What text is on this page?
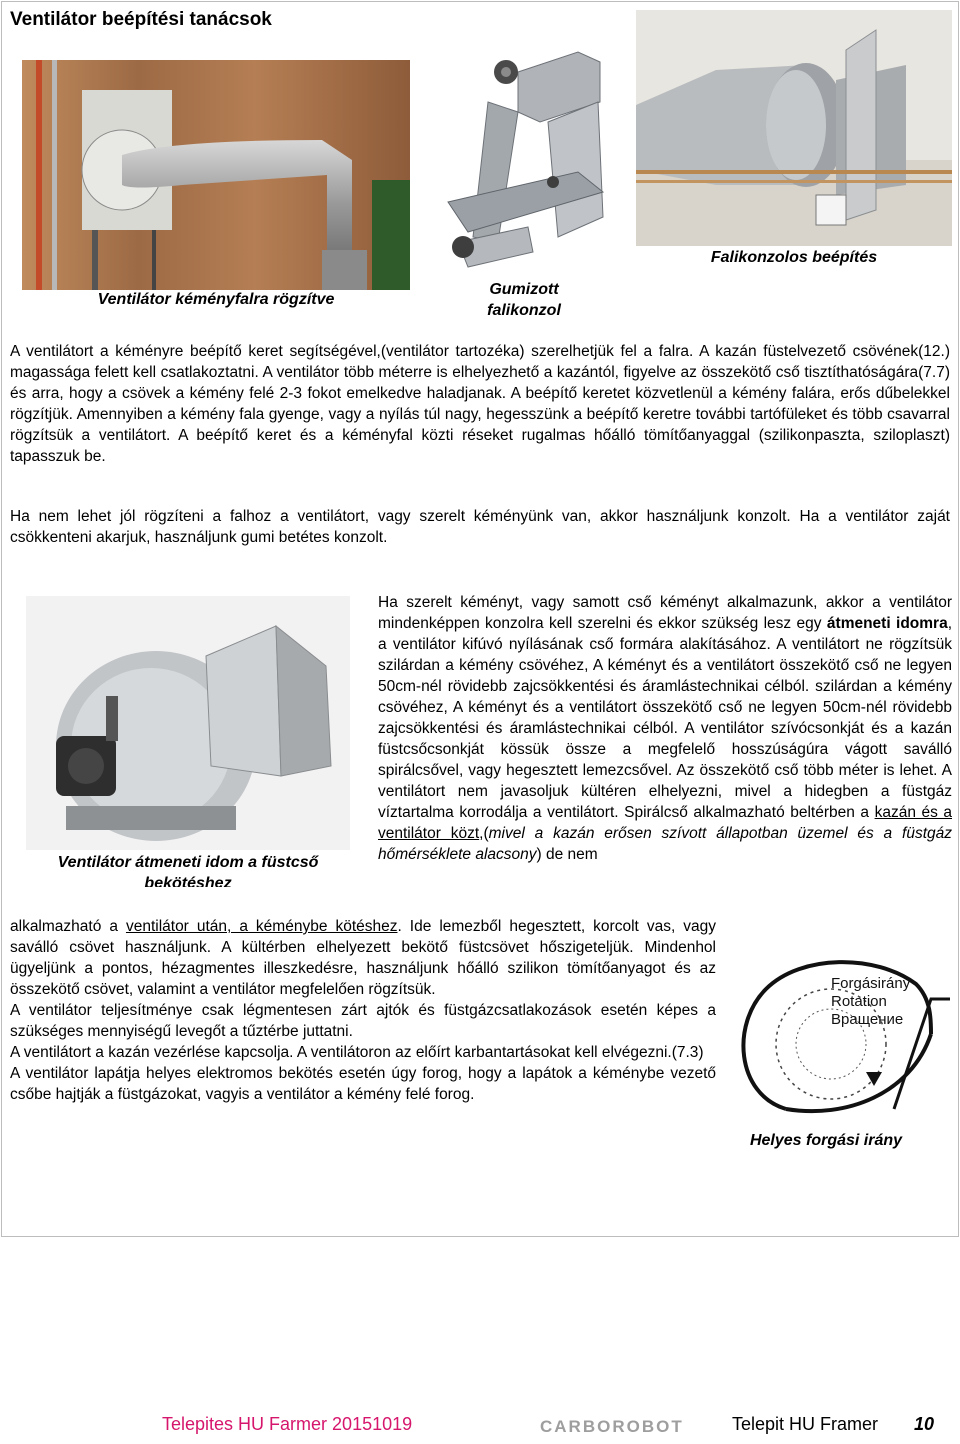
Ventilátor beépítési tanácsok
Ventilátor kéményfalra rögzítve
Gumizott
falikonzol
Falikonzolos beépítés

A ventilátort a kéményre beépítő keret segítségével,(ventilátor tartozéka) szerelhetjük fel a falra. A kazán füstelvezető csövének(12.) magassága felett kell csatlakoztatni. A ventilátor több méterre is elhelyezhető a kazántól, figyelve az összekötő cső tisztíthatóságára(7.7) és arra, hogy a csövek a kémény felé 2-3 fokot emelkedve haladjanak. A beépítő keretet közvetlenül a kémény falára, erős dűbelekkel rögzítjük. Amennyiben a kémény fala gyenge, vagy a nyílás túl nagy, hegesszünk a beépítő keretre további tartófüleket és több csavarral rögzítsük a ventilátort. A beépítő keret és a kéményfal közti réseket rugalmas hőálló tömítőanyaggal (szilikonpaszta, sziloplaszt) tapasszuk be.

Ha nem lehet jól rögzíteni a falhoz a ventilátort, vagy szerelt kéményünk van, akkor használjunk konzolt. Ha a ventilátor zaját csökkenteni akarjuk, használjunk gumi betétes konzolt.

Ventilátor átmeneti idom a füstcső
bekötéshez

Ha szerelt kéményt, vagy samott cső kéményt alkalmazunk, akkor a ventilátor mindenképpen konzolra kell szerelni és ekkor szükség lesz egy átmeneti idomra, a ventilátor kifúvó nyílásának cső formára alakításához. A ventilátort ne rögzítsük szilárdan a kémény csövéhez, A kéményt és a ventilátort összekötő cső ne legyen 50cm-nél rövidebb zajcsökkentési és áramlástechnikai célból. szilárdan a kémény csövéhez, A kéményt és a ventilátort összekötő cső ne legyen 50cm-nél rövidebb zajcsökkentési és áramlástechnikai célból. A ventilátor szívócsonkját és a kazán füstcsőcsonkját kössük össze a megfelelő hosszúságúra vágott saválló spirálcsővel, vagy hegesztett lemezcsővel. Az összekötő cső több méter is lehet. A ventilátort nem javasoljuk kültéren elhelyezni, mivel a hidegben a füstgáz víztartalma korrodálja a ventilátort. Spirálcső alkalmazható beltérben a kazán és a ventilátor közt,(mivel a kazán erősen szívott állapotban üzemel és a füstgáz hőmérséklete alacsony) de nem

alkalmazható a ventilátor után, a kéménybe kötéshez. Ide lemezből hegesztett, korcolt vas, vagy saválló csövet használjunk. A kültérben elhelyezett bekötő füstcsövet hőszigeteljük. Mindenhol ügyeljünk a pontos, hézagmentes illeszkedésre, használjunk hőálló szilikon tömítőanyagot és az összekötő csövet, valamint a ventilátor megfelelően rögzítsük.

A ventilátor teljesítménye csak légmentesen zárt ajtók és füstgázcsatlakozások esetén képes a szükséges mennyiségű levegőt a tűztérbe juttatni.

A ventilátort a kazán vezérlése kapcsolja. A ventilátoron az előírt karbantartásokat kell elvégezni.(7.3)

A ventilátor lapátja helyes elektromos bekötés esetén úgy forog, hogy a lapátok a kéménybe vezető csőbe hajtják a füstgázokat, vagyis a ventilátor a kémény felé forog.

Forgásirány
Rotation
Вращение
Helyes forgási irány
Telepites HU Farmer 20151019	CARBOROBOT	Telepit HU Framer 10
